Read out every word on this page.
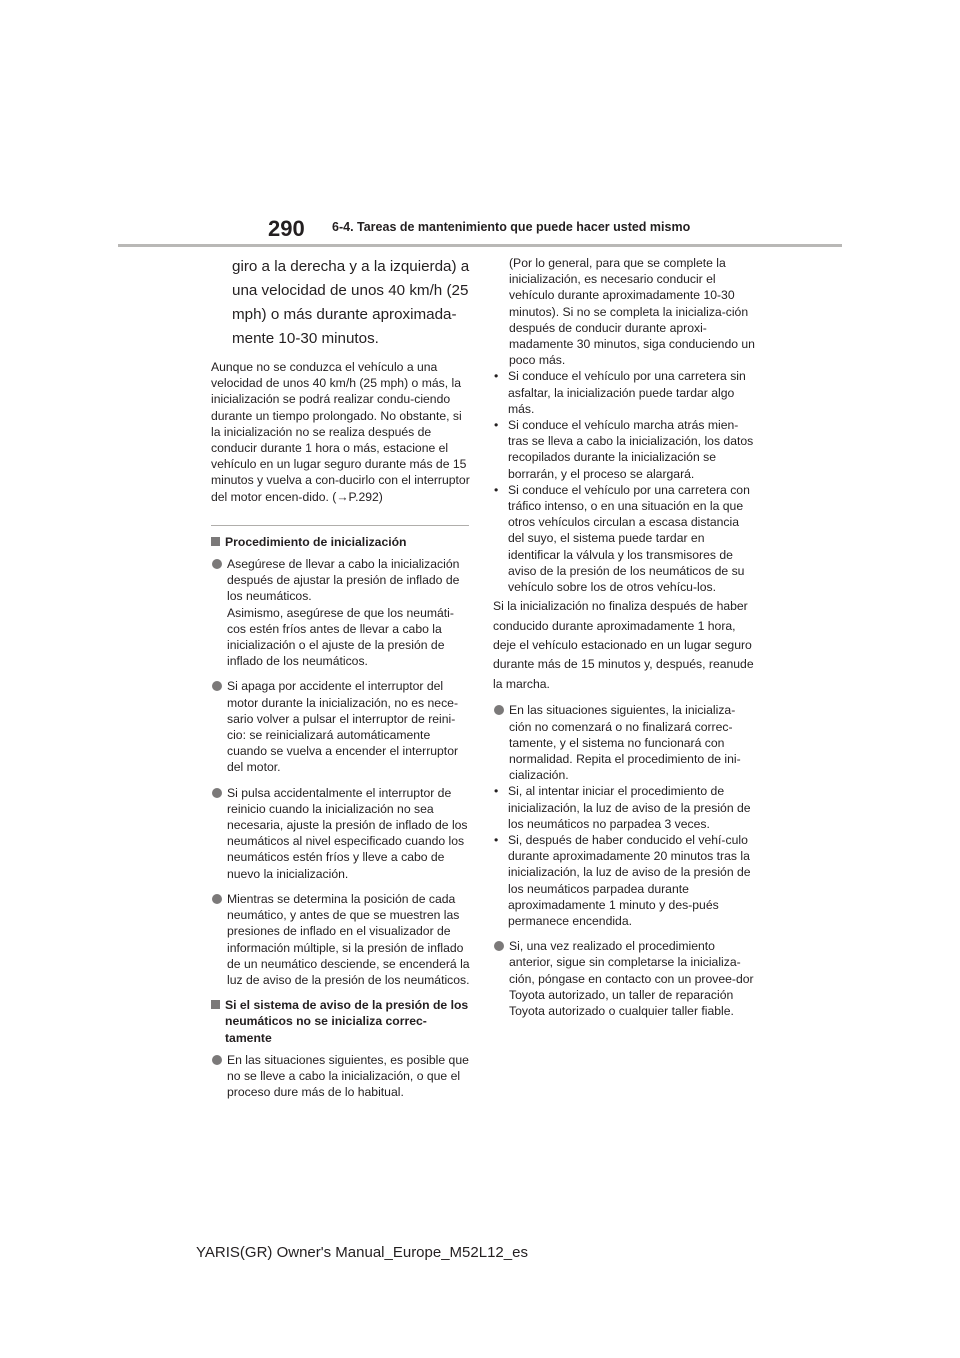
290 6-4. Tareas de mantenimiento que puede hacer usted mismo

giro a la derecha y a la izquierda) a una velocidad de unos 40 km/h (25 mph) o más durante aproximada-mente 10-30 minutos.

Aunque no se conduzca el vehículo a una velocidad de unos 40 km/h (25 mph) o más, la inicialización se podrá realizar condu-ciendo durante un tiempo prolongado. No obstante, si la inicialización no se realiza después de conducir durante 1 hora o más, estacione el vehículo en un lugar seguro durante más de 15 minutos y vuelva a con-ducirlo con el interruptor del motor encen-dido. (→P.292)

Procedimiento de inicialización

Asegúrese de llevar a cabo la inicialización después de ajustar la presión de inflado de los neumáticos.

Asimismo, asegúrese de que los neumáti-cos estén fríos antes de llevar a cabo la inicialización o el ajuste de la presión de inflado de los neumáticos.

Si apaga por accidente el interruptor del motor durante la inicialización, no es nece-sario volver a pulsar el interruptor de reini-cio: se reinicializará automáticamente cuando se vuelva a encender el interruptor del motor.

Si pulsa accidentalmente el interruptor de reinicio cuando la inicialización no sea necesaria, ajuste la presión de inflado de los neumáticos al nivel especificado cuando los neumáticos estén fríos y lleve a cabo de nuevo la inicialización.

Mientras se determina la posición de cada neumático, y antes de que se muestren las presiones de inflado en el visualizador de información múltiple, si la presión de inflado de un neumático desciende, se encenderá la luz de aviso de la presión de los neumáticos.

Si el sistema de aviso de la presión de los neumáticos no se inicializa correc-tamente

En las situaciones siguientes, es posible que no se lleve a cabo la inicialización, o que el proceso dure más de lo habitual.

(Por lo general, para que se complete la inicialización, es necesario conducir el vehículo durante aproximadamente 10-30 minutos). Si no se completa la inicializa-ción después de conducir durante aproxi-madamente 30 minutos, siga conduciendo un poco más.

• Si conduce el vehículo por una carretera sin asfaltar, la inicialización puede tardar algo más.

• Si conduce el vehículo marcha atrás mien-tras se lleva a cabo la inicialización, los datos recopilados durante la inicialización se borrarán, y el proceso se alargará.

• Si conduce el vehículo por una carretera con tráfico intenso, o en una situación en la que otros vehículos circulan a escasa distancia del suyo, el sistema puede tardar en identificar la válvula y los transmisores de aviso de la presión de los neumáticos de su vehículo sobre los de otros vehícu-los.

Si la inicialización no finaliza después de haber conducido durante aproximadamente 1 hora, deje el vehículo estacionado en un lugar seguro durante más de 15 minutos y, después, reanude la marcha.

En las situaciones siguientes, la inicializa-ción no comenzará o no finalizará correc-tamente, y el sistema no funcionará con normalidad. Repita el procedimiento de ini-cialización.

• Si, al intentar iniciar el procedimiento de inicialización, la luz de aviso de la presión de los neumáticos no parpadea 3 veces.

• Si, después de haber conducido el vehí-culo durante aproximadamente 20 minutos tras la inicialización, la luz de aviso de la presión de los neumáticos parpadea durante aproximadamente 1 minuto y des-pués permanece encendida.

Si, una vez realizado el procedimiento anterior, sigue sin completarse la inicializa-ción, póngase en contacto con un provee-dor Toyota autorizado, un taller de reparación Toyota autorizado o cualquier taller fiable.

YARIS(GR) Owner's Manual_Europe_M52L12_es
